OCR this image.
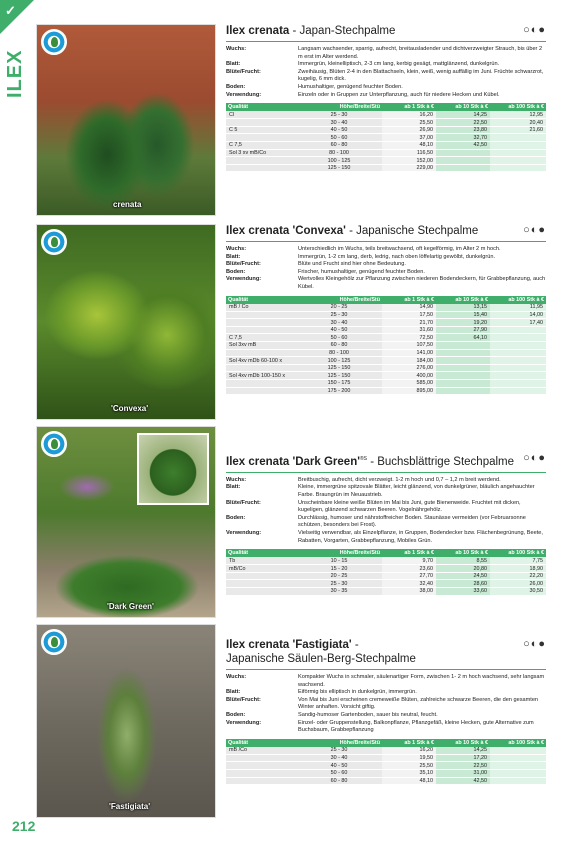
✓
ILEX
212
crenata
Ilex crenata - Japan-Stechpalme	○◐●
Wuchs:	Langsam wachsender, sparrig, aufrecht, breitausladender und dichtverzweigter Strauch, bis über 2 m erst im Alter werdend.
Blatt:	Immergrün, kleinelliptisch, 2-3 cm lang, kerbig gesägt, mattglänzend, dunkelgrün.
Blüte/Frucht:	Zweihäusig, Blüten 2-4 in den Blattachseln, klein, weiß, wenig auffällig im Juni. Früchte schwarzrot, kugelig, 6 mm dick.
Boden:	Humushaltiger, genügend feuchter Boden.
Verwendung:	Einzeln oder in Gruppen zur Unterpflanzung, auch für niedere Hecken und Kübel.
Qualität	Höhe/Breite/Stü	ab 1 Stk à €	ab 10 Stk à €	ab 100 Stk à €
Cl	25 - 30	16,20	14,25	12,95
	30 - 40	25,50	22,50	20,40
C 5	40 - 50	26,90	23,80	21,60
	50 - 60	37,00	32,70	
C 7,5	60 - 80	48,10	42,50	
Sol 3 xv mB/Co	80 - 100	116,50		
	100 - 125	152,00		
	125 - 150	229,00		
'Convexa'
Ilex crenata 'Convexa' - Japanische Stechpalme	○◐●
Wuchs:	Unterschiedlich im Wuchs, teils breitwachsend, oft kegelförmig, im Alter 2 m hoch.
Blatt:	Immergrün, 1-2 cm lang, derb, ledrig, nach oben löffelartig gewölbt, dunkelgrün.
Blüte/Frucht:	Blüte und Frucht sind hier ohne Bedeutung.
Boden:	Frischer, humushaltiger, genügend feuchter Boden.
Verwendung:	Wertvolles Kleingehölz zur Pflanzung zwischen niederen Bodendeckern, für Grabbepflanzung, auch Kübel.
Qualität	Höhe/Breite/Stü	ab 1 Stk à €	ab 10 Stk à €	ab 100 Stk à €
mB / Co	20 - 25	14,90	13,15	11,95
	25 - 30	17,50	15,40	14,00
	30 - 40	21,70	19,20	17,40
	40 - 50	31,60	27,90	
C 7,5	50 - 60	72,50	64,10	
Sol 3xv mB	60 - 80	107,50		
	80 - 100	141,00		
Sol 4xv mDb 60-100 x	100 - 125	184,00		
	125 - 150	276,00		
Sol 4xv mDb 100-150 x	125 - 150	400,00		
	150 - 175	585,00		
	175 - 200	895,00		
'Dark Green'
Ilex crenata 'Dark $Green'^{®S}$ - Buchsblättrige Stechpalme ○◐●
Wuchs:	Breitbuschig, aufrecht, dicht verzweigt. 1-2 m hoch und 0,7 – 1,2 m breit werdend.
Blatt:	Kleine, immergrüne spitzovale Blätter, leicht glänzend, von dunkelgrüner, bläulich angehauchter Farbe. Braungrün im Neuaustrieb.
Blüte/Frucht:	Unscheinbare kleine weiße Blüten im Mai bis Juni, gute Bienenweide. Fruchtet mit dicken, kugeligen, glänzend schwarzen Beeren. Vogelnährgehölz.
Boden:	Durchlässig, humoser und nährstoffreicher Boden. Staunässe vermeiden (vor Februarsonne schützen, besonders bei Frost).
Verwendung:	Vielseitig verwendbar, als Einzelpflanze, in Gruppen, Bodendecker bzw. Flächenbegrünung, Beete, Rabatten, Vorgarten, Grabbepflanzung, Mobiles Grün.
Qualität	Höhe/Breite/Stü	ab 1 Stk à €	ab 10 Stk à €	ab 100 Stk à €
Tb	10 - 15	9,70	8,55	7,75
mB/Co	15 - 20	23,60	20,80	18,90
	20 - 25	27,70	24,50	22,20
	25 - 30	32,40	28,60	26,00
	30 - 35	38,00	33,60	30,50
'Fastigiata'
Ilex crenata 'Fastigiata' -
Japanische Säulen-Berg-Stechpalme
○◐●
Wuchs:	Kompakter Wuchs in schmaler, säulenartiger Form, zwischen 1- 2 m hoch wachsend, sehr langsam wachsend.
Blatt:	Eiförmig bis elliptisch in dunkelgrün, immergrün.
Blüte/Frucht:	Von Mai bis Juni erscheinen cremeweiße Blüten, zahlreiche schwarze Beeren, die den gesamten Winter anhaften. Vorsicht giftig.
Boden:	Sandig-humoser Gartenboden, sauer bis neutral, feucht.
Verwendung:	Einzel- oder Gruppenstellung, Balkonpflanze, Pflanzgefäß, kleine Hecken, gute Alternative zum Buchsbaum, Grabbepflanzung
Qualität	Höhe/Breite/Stü	ab 1 Stk à €	ab 10 Stk à €	ab 100 Stk à €
mB /Co	25 - 30	16,20	14,25	
	30 - 40	19,50	17,20	
	40 - 50	25,50	22,50	
	50 - 60	35,10	31,00	
	60 - 80	48,10	42,50	
